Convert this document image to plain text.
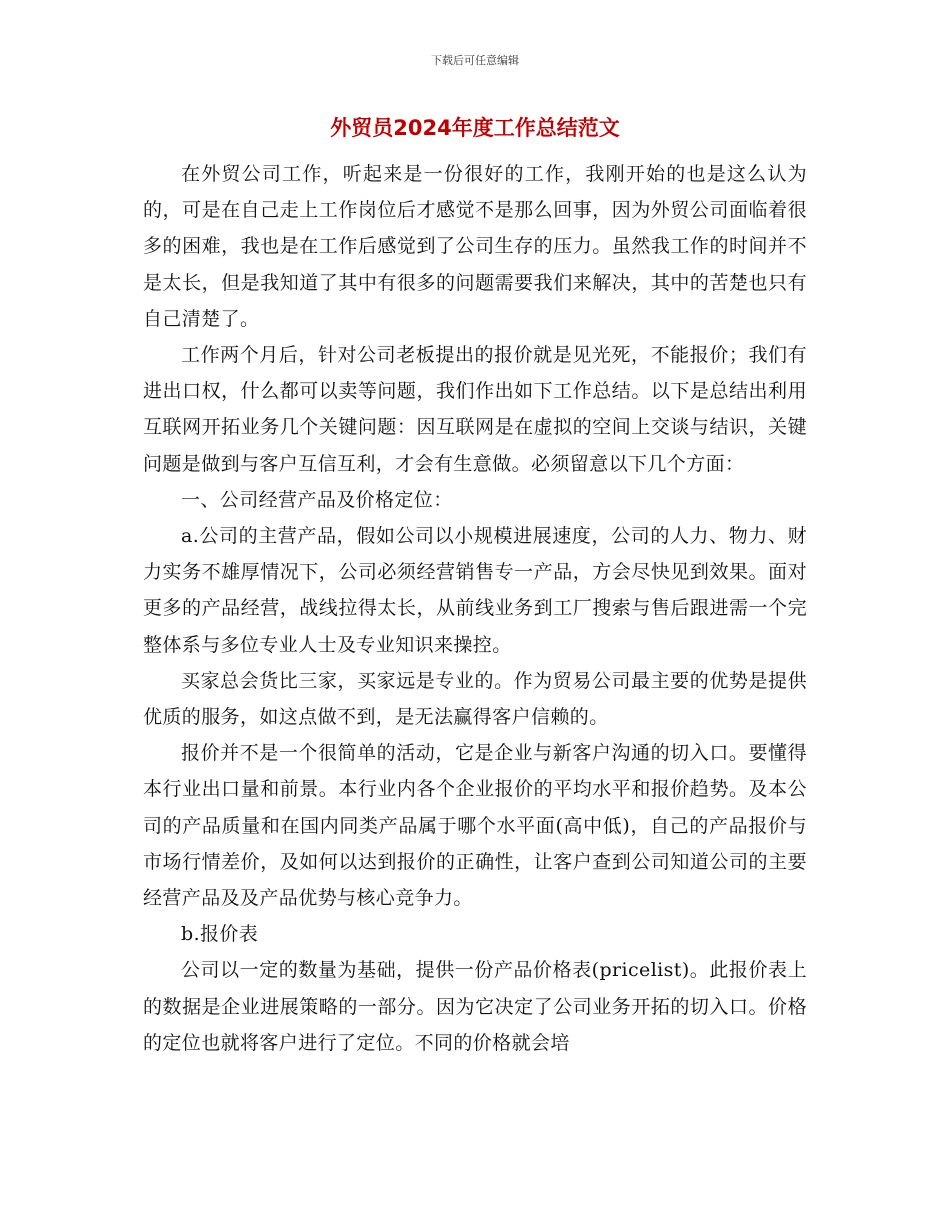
下载后可任意编辑
外贸员2024年度工作总结范文

在外贸公司工作，听起来是一份很好的工作，我刚开始的也是这么认为的，可是在自己走上工作岗位后才感觉不是那么回事，因为外贸公司面临着很多的困难，我也是在工作后感觉到了公司生存的压力。虽然我工作的时间并不是太长，但是我知道了其中有很多的问题需要我们来解决，其中的苦楚也只有自己清楚了。

工作两个月后，针对公司老板提出的报价就是见光死，不能报价；我们有进出口权，什么都可以卖等问题，我们作出如下工作总结。以下是总结出利用互联网开拓业务几个关键问题：因互联网是在虚拟的空间上交谈与结识，关键问题是做到与客户互信互利，才会有生意做。必须留意以下几个方面：

一、公司经营产品及价格定位：

a.公司的主营产品，假如公司以小规模进展速度，公司的人力、物力、财力实务不雄厚情况下，公司必须经营销售专一产品，方会尽快见到效果。面对更多的产品经营，战线拉得太长，从前线业务到工厂搜索与售后跟进需一个完整体系与多位专业人士及专业知识来操控。

买家总会货比三家，买家远是专业的。作为贸易公司最主要的优势是提供优质的服务，如这点做不到，是无法赢得客户信赖的。

报价并不是一个很简单的活动，它是企业与新客户沟通的切入口。要懂得本行业出口量和前景。本行业内各个企业报价的平均水平和报价趋势。及本公司的产品质量和在国内同类产品属于哪个水平面(高中低)，自己的产品报价与市场行情差价，及如何以达到报价的正确性，让客户查到公司知道公司的主要经营产品及及产品优势与核心竞争力。

b.报价表

公司以一定的数量为基础，提供一份产品价格表(pricelist)。此报价表上的数据是企业进展策略的一部分。因为它决定了公司业务开拓的切入口。价格的定位也就将客户进行了定位。不同的价格就会培
